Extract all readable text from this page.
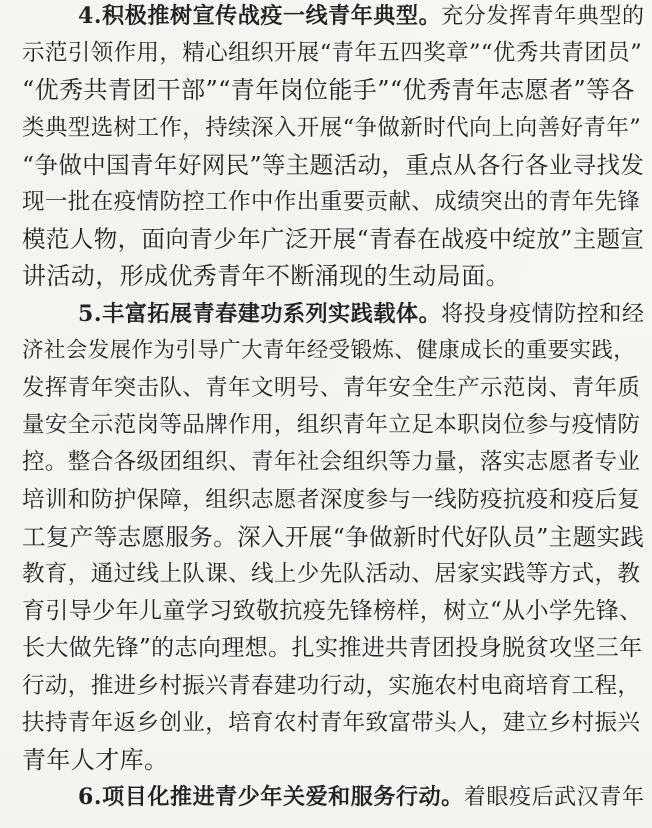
4.积极推树宣传战疫一线青年典型。充分发挥青年典型的
示范引领作用，精心组织开展“青年五四奖章”“优秀共青团员”
“优秀共青团干部”“青年岗位能手”“优秀青年志愿者”等各
类典型选树工作，持续深入开展“争做新时代向上向善好青年”
“争做中国青年好网民”等主题活动，重点从各行各业寻找发
现一批在疫情防控工作中作出重要贡献、成绩突出的青年先锋
模范人物，面向青少年广泛开展“青春在战疫中绽放”主题宣
讲活动，形成优秀青年不断涌现的生动局面。
5.丰富拓展青春建功系列实践载体。将投身疫情防控和经
济社会发展作为引导广大青年经受锻炼、健康成长的重要实践，
发挥青年突击队、青年文明号、青年安全生产示范岗、青年质
量安全示范岗等品牌作用，组织青年立足本职岗位参与疫情防
控。整合各级团组织、青年社会组织等力量，落实志愿者专业
培训和防护保障，组织志愿者深度参与一线防疫抗疫和疫后复
工复产等志愿服务。深入开展“争做新时代好队员”主题实践
教育，通过线上队课、线上少先队活动、居家实践等方式，教
育引导少年儿童学习致敬抗疫先锋榜样，树立“从小学先锋、
长大做先锋”的志向理想。扎实推进共青团投身脱贫攻坚三年
行动，推进乡村振兴青春建功行动，实施农村电商培育工程，
扶持青年返乡创业，培育农村青年致富带头人，建立乡村振兴
青年人才库。
6.项目化推进青少年关爱和服务行动。着眼疫后武汉青年
